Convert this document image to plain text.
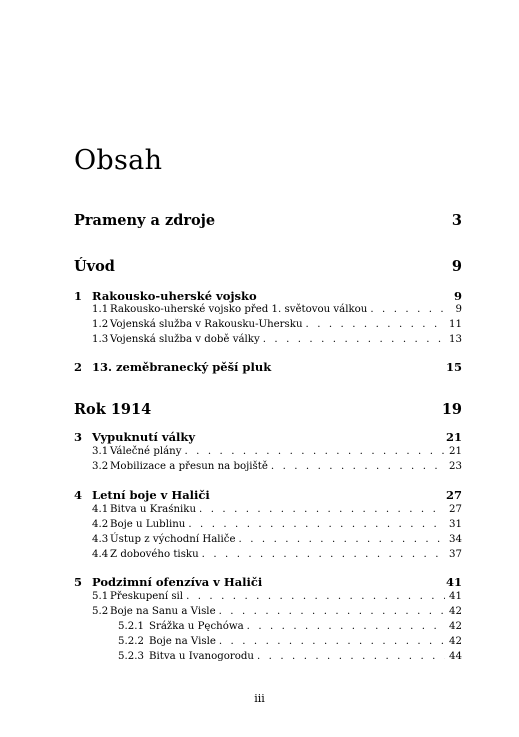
Obsah
Prameny a zdroje	3
Úvod	9
1 Rakousko-uherské vojsko	9
1.1 Rakousko-uherské vojsko před 1. světovou válkou . . .	9
1.2 Vojenská služba v Rakousku-Uhersku . . .	11
1.3 Vojenská služba v době války . . .	13
2 13. zeměbranecký pěší pluk	15
Rok 1914	19
3 Vypuknutí války	21
3.1 Válečné plány . . .	21
3.2 Mobilizace a přesun na bojiště . . .	23
4 Letní boje v Haliči	27
4.1 Bitva u Kraśniku . . .	27
4.2 Boje u Lublinu . . .	31
4.3 Ústup z východní Haliče . . .	34
4.4 Z dobového tisku . . .	37
5 Podzimní ofenzíva v Haliči	41
5.1 Přeskupení sil . . .	41
5.2 Boje na Sanu a Visle . . .	42
5.2.1 Srážka u Pęchówa . . .	42
5.2.2 Boje na Visle . . .	42
5.2.3 Bitva u Ivanogorodu . . .	44
iii
